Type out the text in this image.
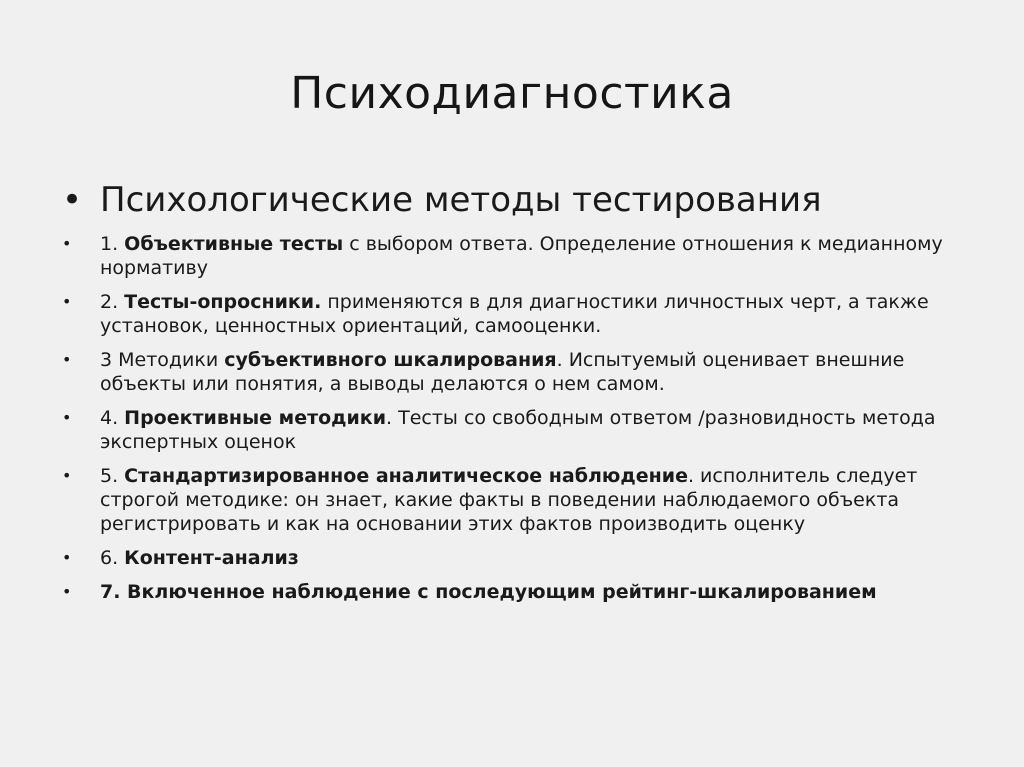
Психодиагностика
• Психологические методы тестирования
• 1. Объективные тесты с выбором ответа. Определение отношения к медианному нормативу
• 2. Тесты-опросники. применяются в для диагностики личностных черт, а также установок, ценностных ориентаций, самооценки.
• 3 Методики субъективного шкалирования. Испытуемый оценивает внешние объекты или понятия, а выводы делаются о нем самом.
• 4. Проективные методики. Тесты со свободным ответом /разновидность метода экспертных оценок
• 5. Стандартизированное аналитическое наблюдение. исполнитель следует строгой методике: он знает, какие факты в поведении наблюдаемого объекта регистрировать и как на основании этих фактов производить оценку
• 6. Контент-анализ
• 7. Включенное наблюдение с последующим рейтинг-шкалированием
